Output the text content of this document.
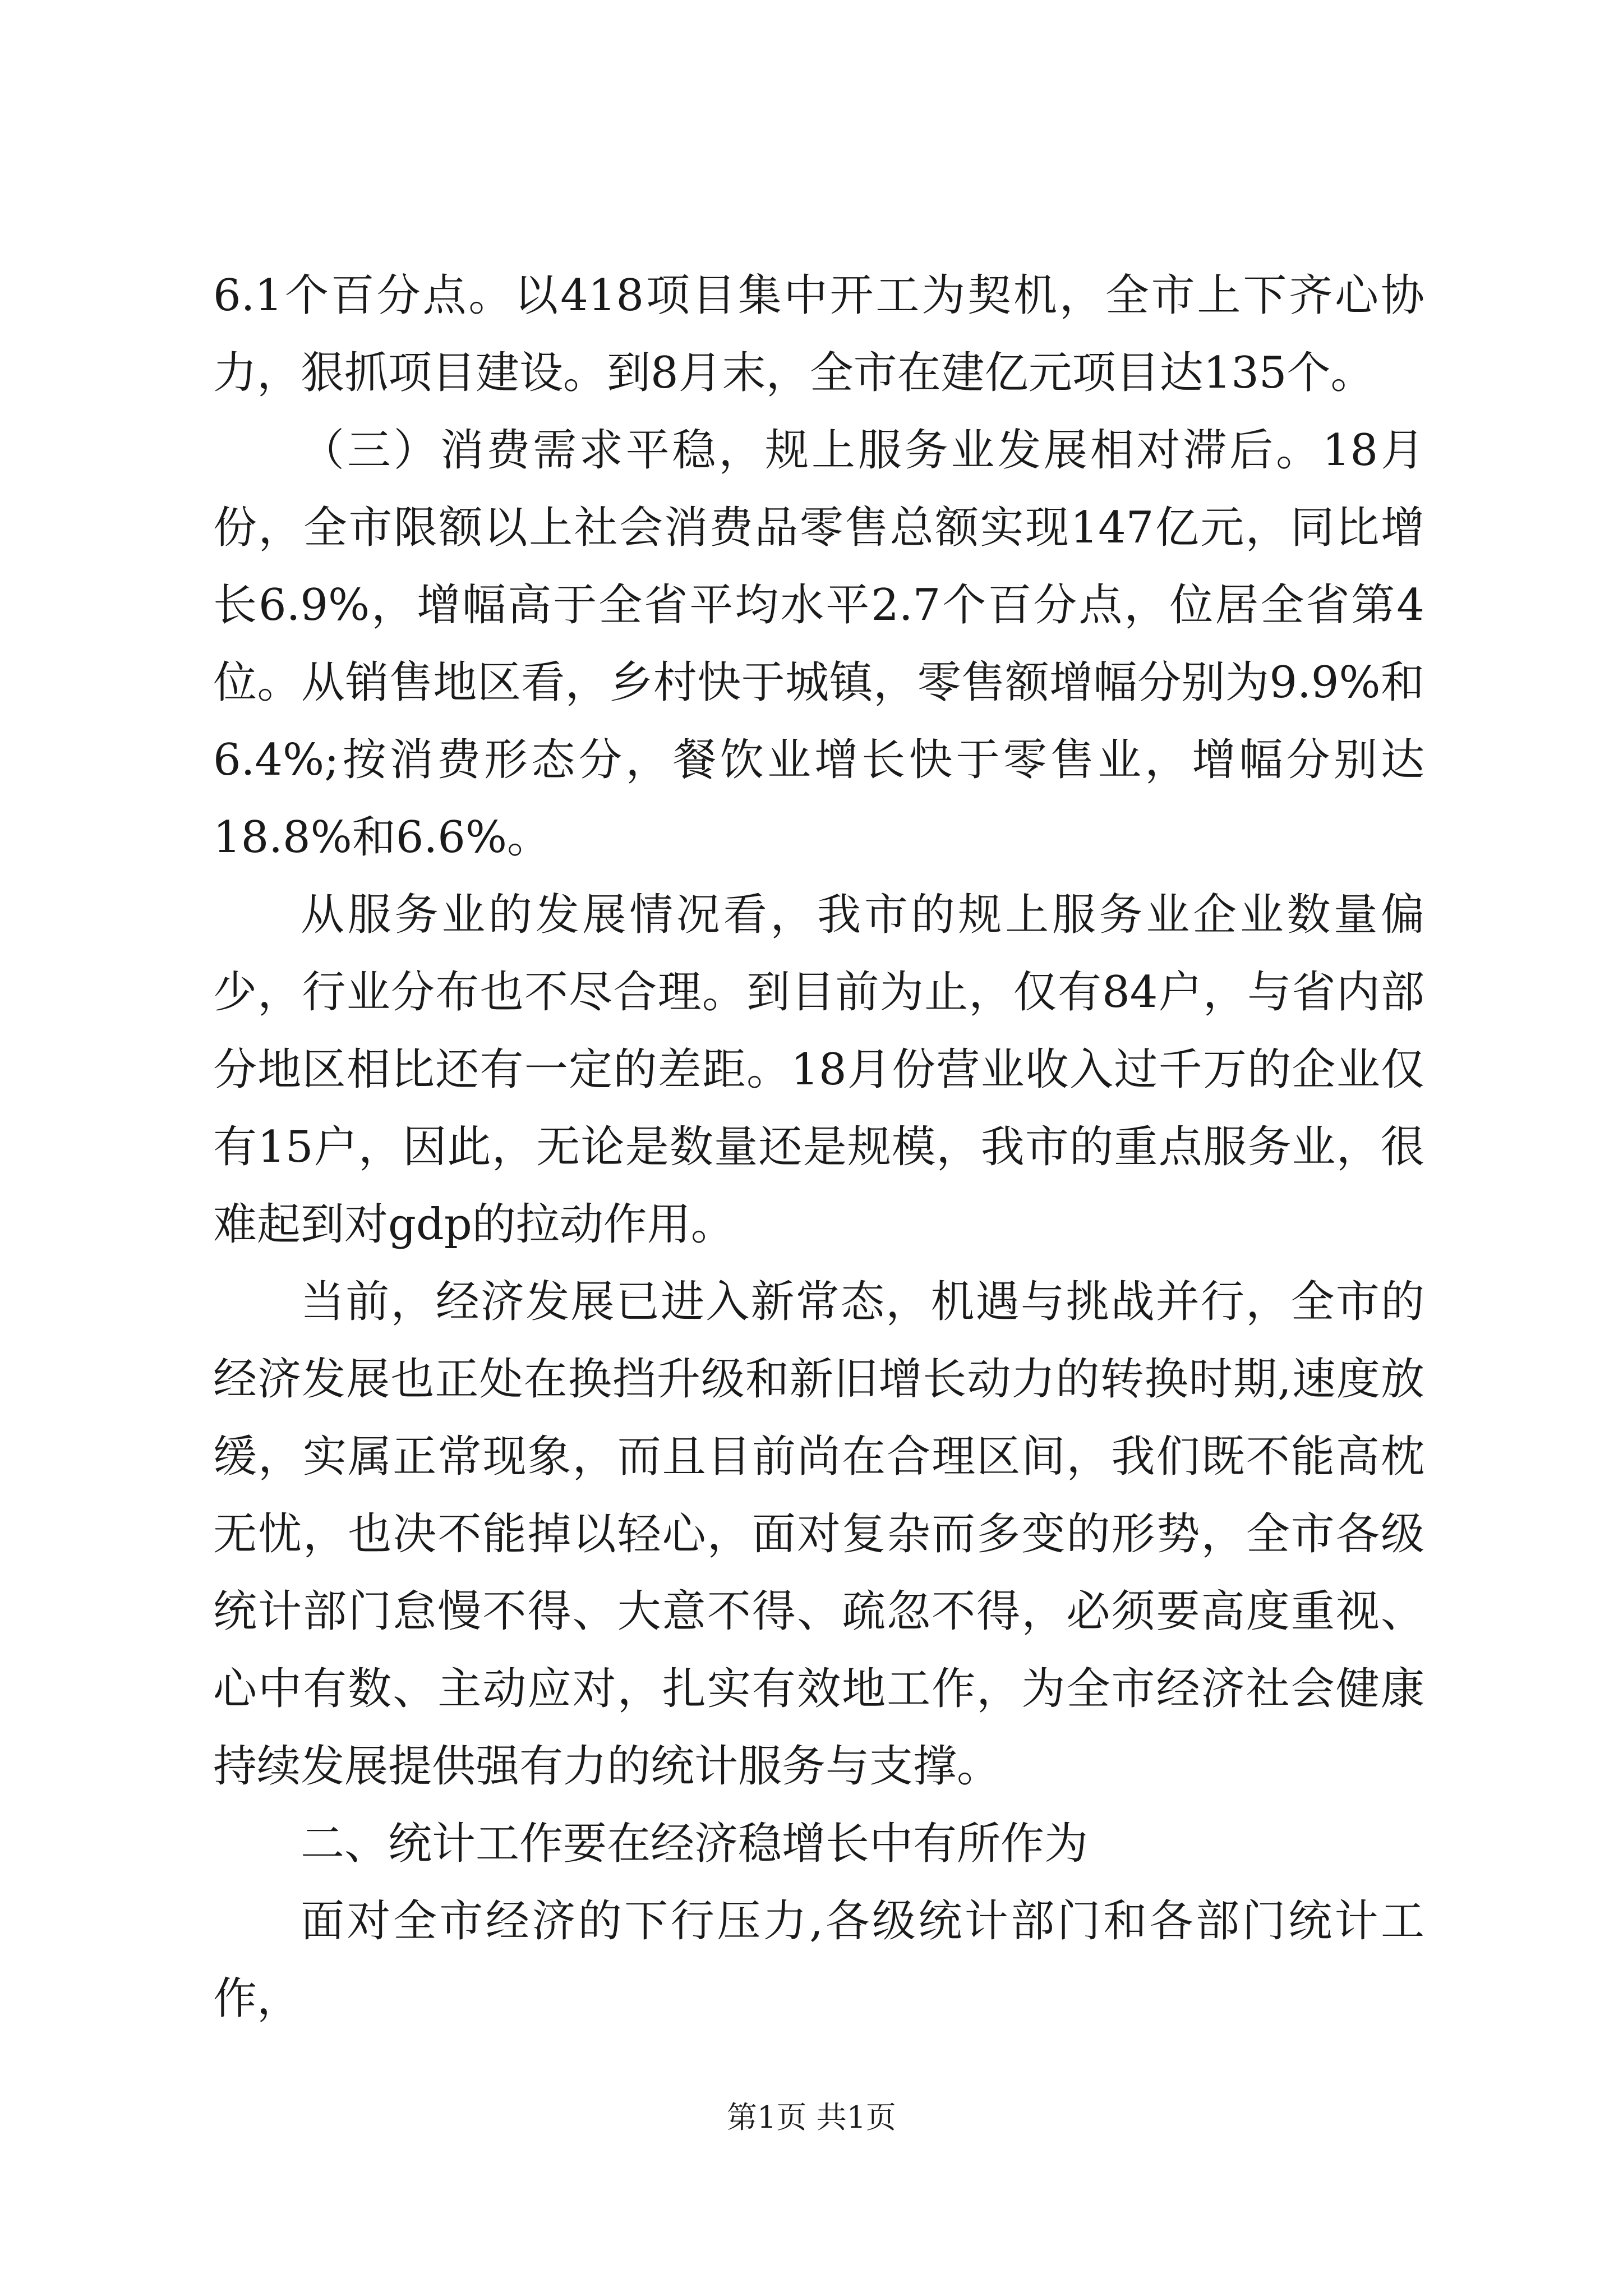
6.1个百分点。以418项目集中开工为契机，全市上下齐心协力，狠抓项目建设。到8月末，全市在建亿元项目达135个。

（三）消费需求平稳，规上服务业发展相对滞后。18月份，全市限额以上社会消费品零售总额实现147亿元，同比增长6.9%，增幅高于全省平均水平2.7个百分点，位居全省第4位。从销售地区看，乡村快于城镇，零售额增幅分别为9.9%和6.4%;按消费形态分，餐饮业增长快于零售业，增幅分别达18.8%和6.6%。

从服务业的发展情况看，我市的规上服务业企业数量偏少，行业分布也不尽合理。到目前为止，仅有84户，与省内部分地区相比还有一定的差距。18月份营业收入过千万的企业仅有15户，因此，无论是数量还是规模，我市的重点服务业，很难起到对gdp的拉动作用。

当前，经济发展已进入新常态，机遇与挑战并行，全市的经济发展也正处在换挡升级和新旧增长动力的转换时期,速度放缓，实属正常现象，而且目前尚在合理区间，我们既不能高枕无忧，也决不能掉以轻心，面对复杂而多变的形势，全市各级统计部门怠慢不得、大意不得、疏忽不得，必须要高度重视、心中有数、主动应对，扎实有效地工作，为全市经济社会健康持续发展提供强有力的统计服务与支撑。

二、统计工作要在经济稳增长中有所作为

面对全市经济的下行压力,各级统计部门和各部门统计工作，

第1页 共1页
